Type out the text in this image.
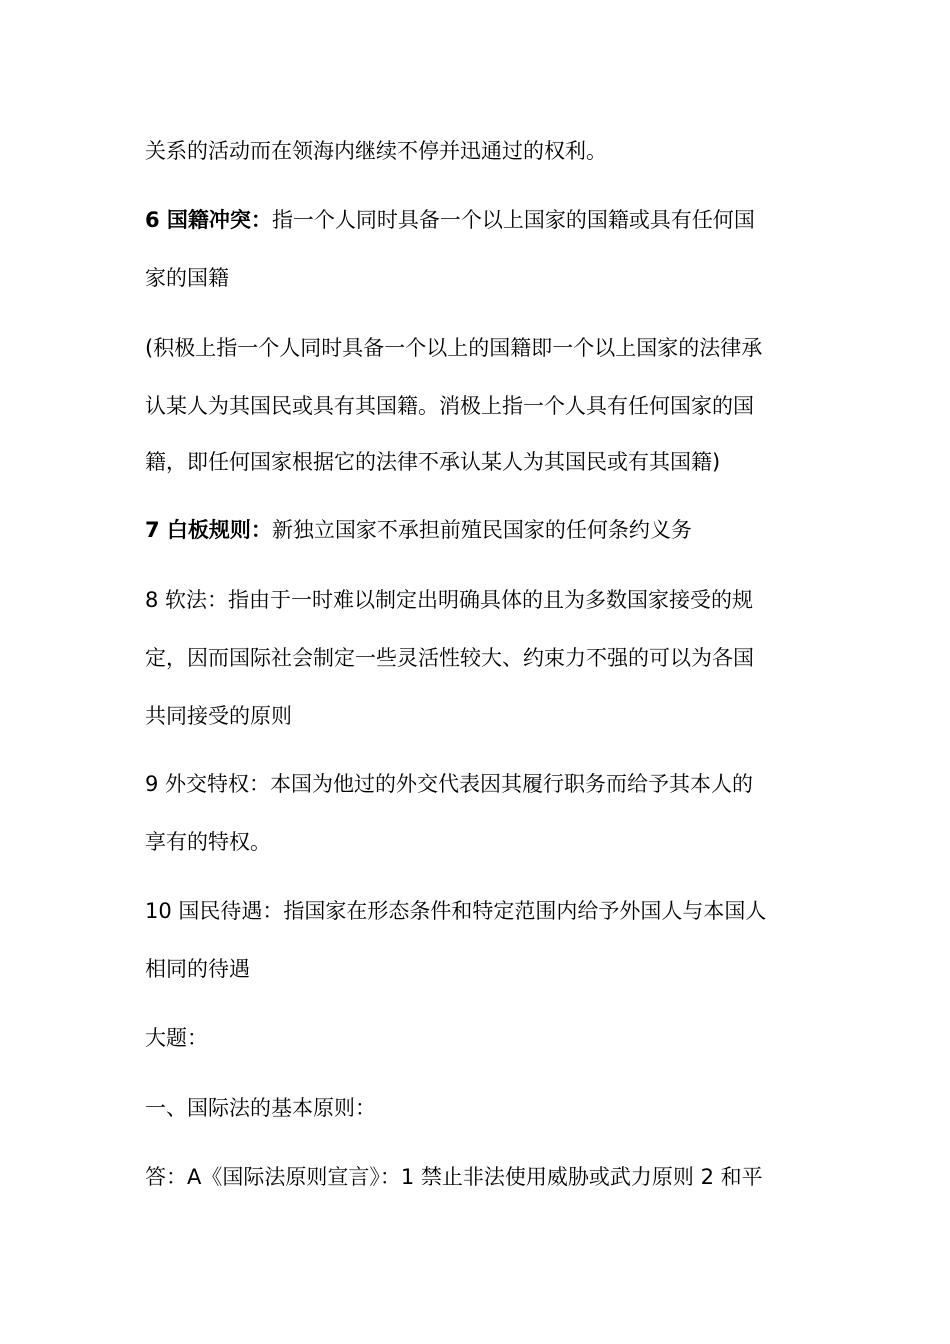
关系的活动而在领海内继续不停并迅通过的权利。
6 国籍冲突：指一个人同时具备一个以上国家的国籍或具有任何国
家的国籍
(积极上指一个人同时具备一个以上的国籍即一个以上国家的法律承
认某人为其国民或具有其国籍。消极上指一个人具有任何国家的国
籍，即任何国家根据它的法律不承认某人为其国民或有其国籍)
7 白板规则：新独立国家不承担前殖民国家的任何条约义务
8 软法：指由于一时难以制定出明确具体的且为多数国家接受的规
定，因而国际社会制定一些灵活性较大、约束力不强的可以为各国
共同接受的原则
9 外交特权：本国为他过的外交代表因其履行职务而给予其本人的
享有的特权。
10 国民待遇：指国家在形态条件和特定范围内给予外国人与本国人
相同的待遇
大题：
一、国际法的基本原则：
答：A《国际法原则宣言》：1 禁止非法使用威胁或武力原则 2 和平
